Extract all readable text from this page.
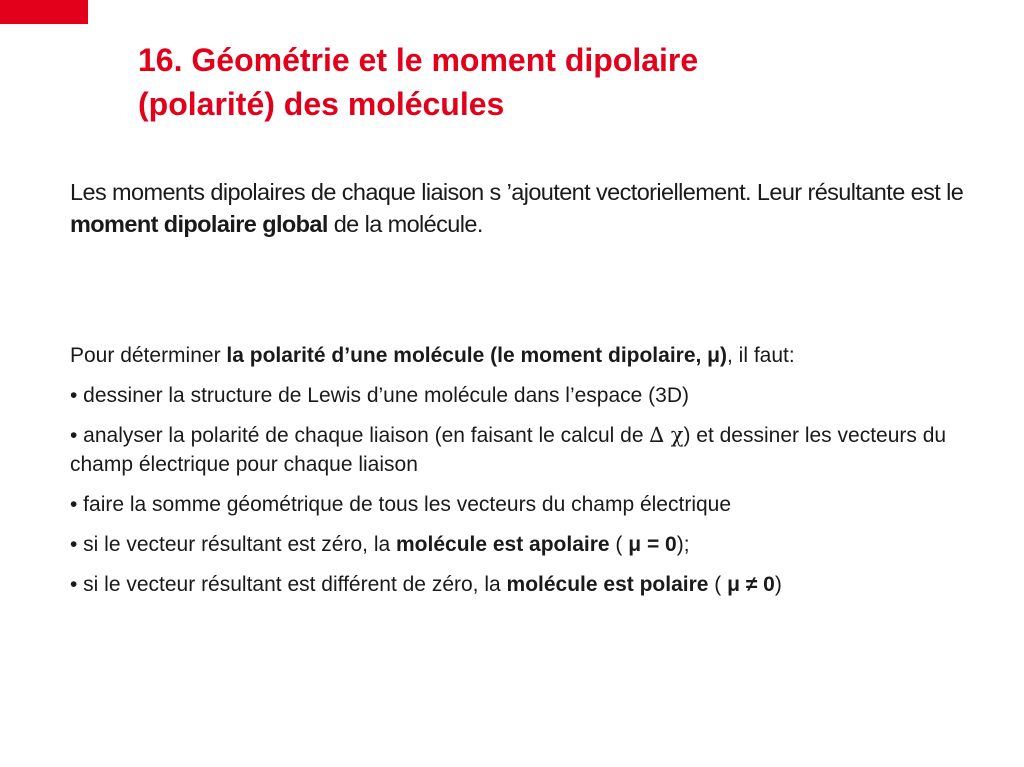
16. Géométrie et le moment dipolaire
(polarité) des molécules

Les moments dipolaires de chaque liaison s ’ajoutent vectoriellement. Leur résultante est le moment dipolaire global de la molécule.

Pour déterminer la polarité d’une molécule (le moment dipolaire, μ), il faut:

• dessiner la structure de Lewis d’une molécule dans l’espace (3D)

• analyser la polarité de chaque liaison (en faisant le calcul de ∆ χ) et dessiner les vecteurs du champ électrique pour chaque liaison

• faire la somme géométrique de tous les vecteurs du champ électrique

• si le vecteur résultant est zéro, la molécule est apolaire ( μ = 0);

• si le vecteur résultant est différent de zéro, la molécule est polaire ( μ ≠ 0)
